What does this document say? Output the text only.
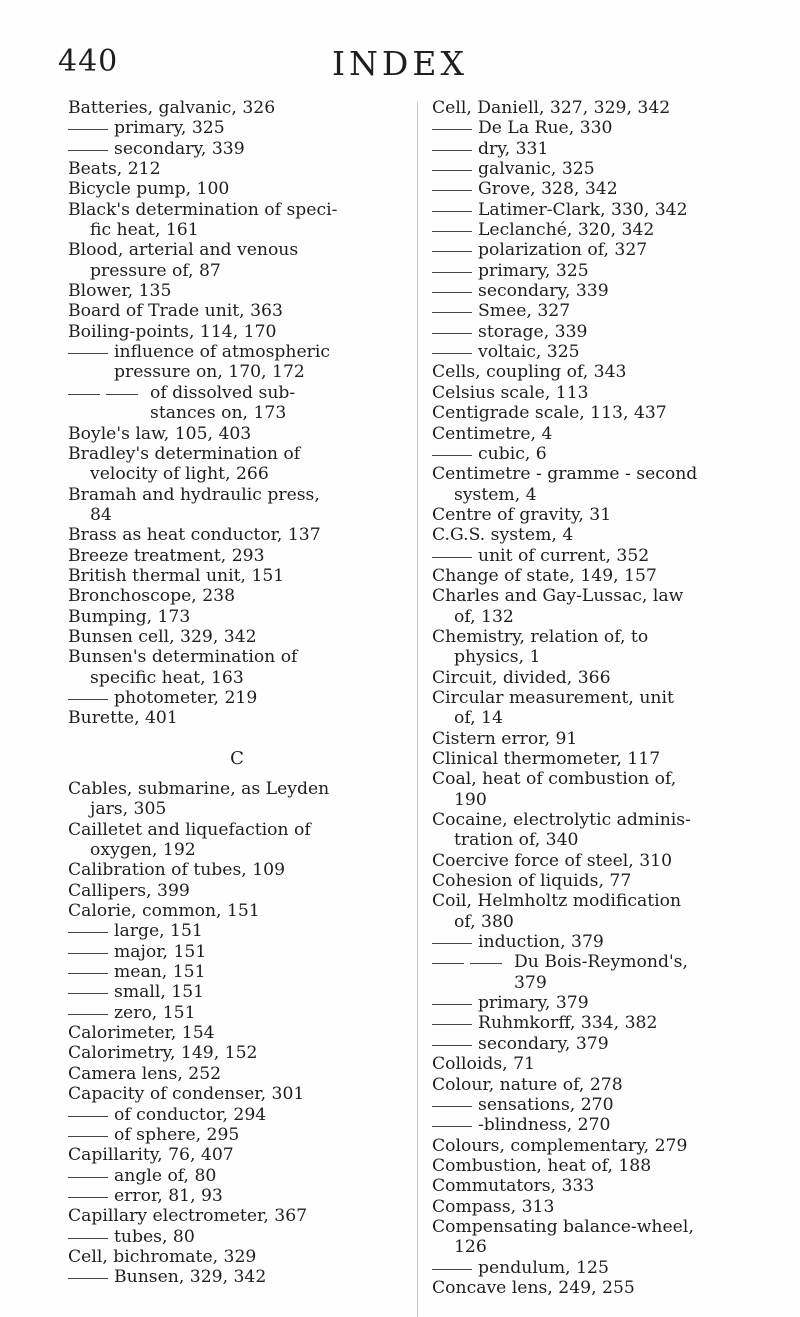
440	INDEX
Batteries, galvanic, 326
primary, 325
secondary, 339
Beats, 212
Bicycle pump, 100
Black's determination of speci-
fic heat, 161
Blood, arterial and venous
pressure of, 87
Blower, 135
Board of Trade unit, 363
Boiling-points, 114, 170
influence of atmospheric
pressure on, 170, 172
of dissolved sub-
stances on, 173
Boyle's law, 105, 403
Bradley's determination of
velocity of light, 266
Bramah and hydraulic press,
84
Brass as heat conductor, 137
Breeze treatment, 293
British thermal unit, 151
Bronchoscope, 238
Bumping, 173
Bunsen cell, 329, 342
Bunsen's determination of
specific heat, 163
photometer, 219
Burette, 401
C
Cables, submarine, as Leyden
jars, 305
Cailletet and liquefaction of
oxygen, 192
Calibration of tubes, 109
Callipers, 399
Calorie, common, 151
large, 151
major, 151
mean, 151
small, 151
zero, 151
Calorimeter, 154
Calorimetry, 149, 152
Camera lens, 252
Capacity of condenser, 301
of conductor, 294
of sphere, 295
Capillarity, 76, 407
angle of, 80
error, 81, 93
Capillary electrometer, 367
tubes, 80
Cell, bichromate, 329
Bunsen, 329, 342
Cell, Daniell, 327, 329, 342
De La Rue, 330
dry, 331
galvanic, 325
Grove, 328, 342
Latimer-Clark, 330, 342
Leclanché, 320, 342
polarization of, 327
primary, 325
secondary, 339
Smee, 327
storage, 339
voltaic, 325
Cells, coupling of, 343
Celsius scale, 113
Centigrade scale, 113, 437
Centimetre, 4
cubic, 6
Centimetre - gramme - second
system, 4
Centre of gravity, 31
C.G.S. system, 4
unit of current, 352
Change of state, 149, 157
Charles and Gay-Lussac, law
of, 132
Chemistry, relation of, to
physics, 1
Circuit, divided, 366
Circular measurement, unit
of, 14
Cistern error, 91
Clinical thermometer, 117
Coal, heat of combustion of,
190
Cocaine, electrolytic adminis-
tration of, 340
Coercive force of steel, 310
Cohesion of liquids, 77
Coil, Helmholtz modification
of, 380
induction, 379
Du Bois-Reymond's,
379
primary, 379
Ruhmkorff, 334, 382
secondary, 379
Colloids, 71
Colour, nature of, 278
sensations, 270
-blindness, 270
Colours, complementary, 279
Combustion, heat of, 188
Commutators, 333
Compass, 313
Compensating balance-wheel,
126
pendulum, 125
Concave lens, 249, 255
